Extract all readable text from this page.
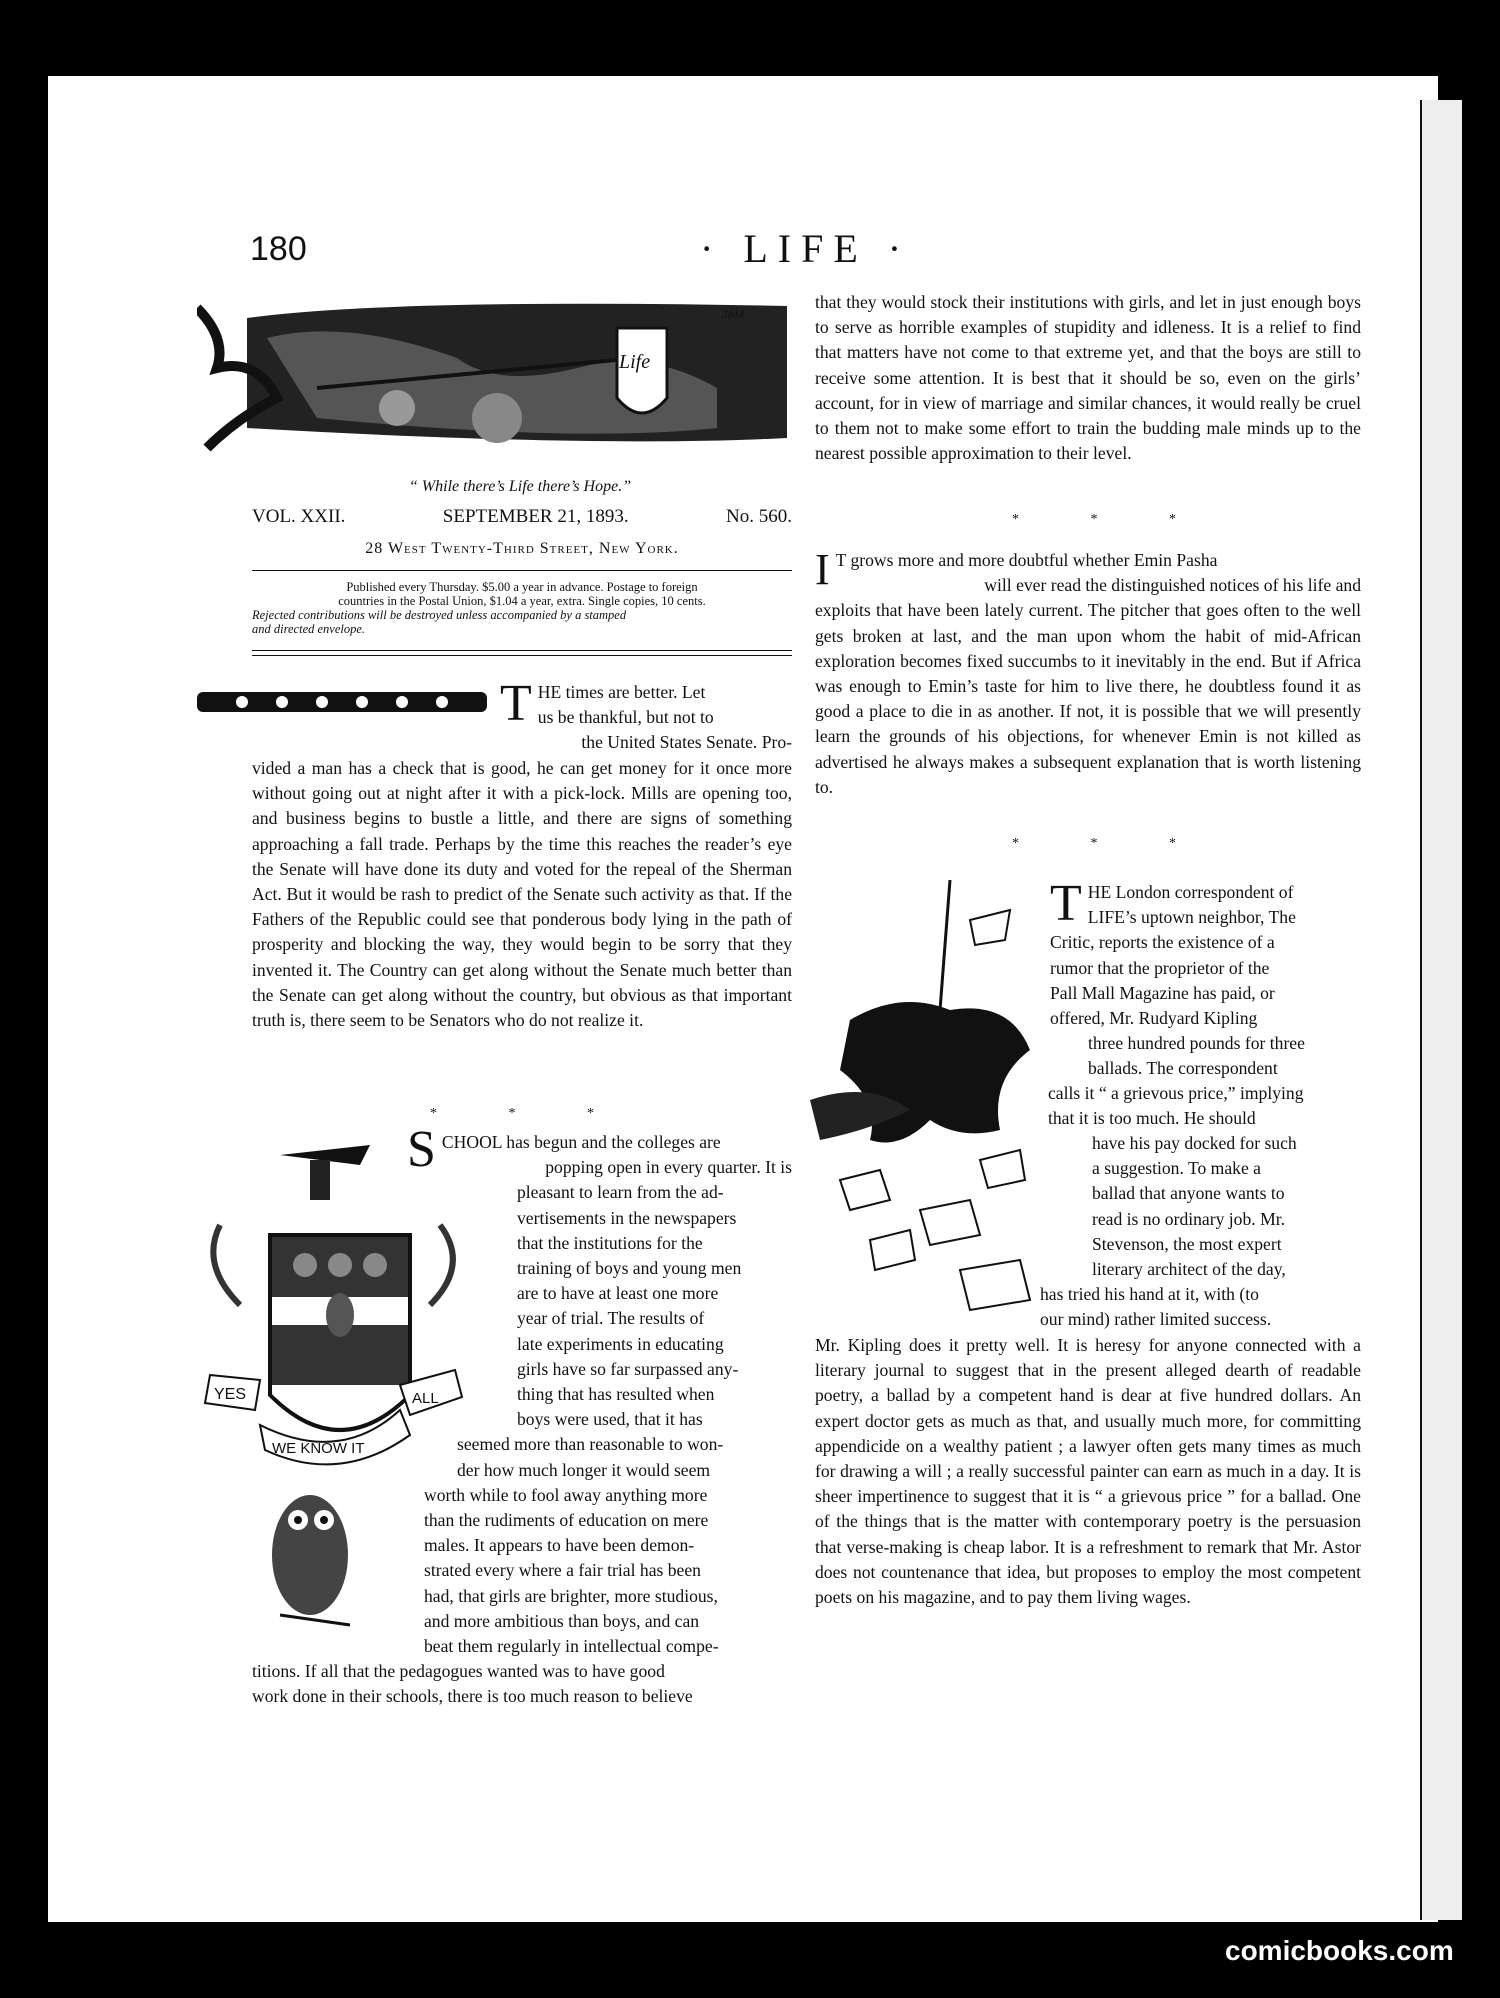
180	· LIFE ·
Life
JAM.
“ While there’s Life there’s Hope.”
VOL. XXII.	SEPTEMBER 21, 1893.	No. 560.
28 West Twenty-Third Street, New York.
Published every Thursday. $5.00 a year in advance. Postage to foreign
countries in the Postal Union, $1.04 a year, extra. Single copies, 10 cents.
Rejected contributions will be destroyed unless accompanied by a stamped
and directed envelope.
T HE times are better. Let
us be thankful, but not to
the United States Senate. Pro-

vided a man has a check that is good, he can get money for it once more without going out at night after it with a pick-lock. Mills are opening too, and business begins to bustle a little, and there are signs of something approaching a fall trade. Perhaps by the time this reaches the reader’s eye the Senate will have done its duty and voted for the repeal of the Sherman Act. But it would be rash to predict of the Senate such activity as that. If the Fathers of the Republic could see that ponderous body lying in the path of prosperity and blocking the way, they would begin to be sorry that they invented it. The Country can get along without the Senate much better than the Senate can get along without the country, but obvious as that important truth is, there seem to be Senators who do not realize it.

* * *
YES
WE KNOW IT
ALL
S CHOOL has begun and the colleges are
popping open in every quarter. It is
pleasant to learn from the ad-
vertisements in the newspapers
that the institutions for the
training of boys and young men
are to have at least one more
year of trial. The results of
late experiments in educating
girls have so far surpassed any-
thing that has resulted when
boys were used, that it has
seemed more than reasonable to won-
der how much longer it would seem
worth while to fool away anything more
than the rudiments of education on mere
males. It appears to have been demon-
strated every where a fair trial has been
had, that girls are brighter, more studious,
and more ambitious than boys, and can
beat them regularly in intellectual compe-
titions. If all that the pedagogues wanted was to have good
work done in their schools, there is too much reason to believe

that they would stock their institutions with girls, and let in just enough boys to serve as horrible examples of stupidity and idleness. It is a relief to find that matters have not come to that extreme yet, and that the boys are still to receive some attention. It is best that it should be so, even on the girls’ account, for in view of marriage and similar chances, it would really be cruel to them not to make some effort to train the budding male minds up to the nearest possible approximation to their level.

* * *
I T grows more and more doubtful whether Emin Pasha
will ever read the distinguished notices of his life and

exploits that have been lately current. The pitcher that goes often to the well gets broken at last, and the man upon whom the habit of mid-African exploration becomes fixed succumbs to it inevitably in the end. But if Africa was enough to Emin’s taste for him to live there, he doubtless found it as good a place to die in as another. If not, it is possible that we will presently learn the grounds of his objections, for whenever Emin is not killed as advertised he always makes a subsequent explanation that is worth listening to.

* * *
T HE London correspondent of
LIFE’s uptown neighbor, The
Critic, reports the existence of a
rumor that the proprietor of the
Pall Mall Magazine has paid, or
offered, Mr. Rudyard Kipling
three hundred pounds for three
ballads. The correspondent
calls it “ a grievous price,” implying
that it is too much. He should
have his pay docked for such
a suggestion. To make a
ballad that anyone wants to
read is no ordinary job. Mr.
Stevenson, the most expert
literary architect of the day,
has tried his hand at it, with (to
our mind) rather limited success.

Mr. Kipling does it pretty well. It is heresy for anyone connected with a literary journal to suggest that in the present alleged dearth of readable poetry, a ballad by a competent hand is dear at five hundred dollars. An expert doctor gets as much as that, and usually much more, for committing appendicide on a wealthy patient ; a lawyer often gets many times as much for drawing a will ; a really successful painter can earn as much in a day. It is sheer impertinence to suggest that it is “ a grievous price ” for a ballad. One of the things that is the matter with contemporary poetry is the persuasion that verse-making is cheap labor. It is a refreshment to remark that Mr. Astor does not countenance that idea, but proposes to employ the most competent poets on his magazine, and to pay them living wages.

comicbooks.com
